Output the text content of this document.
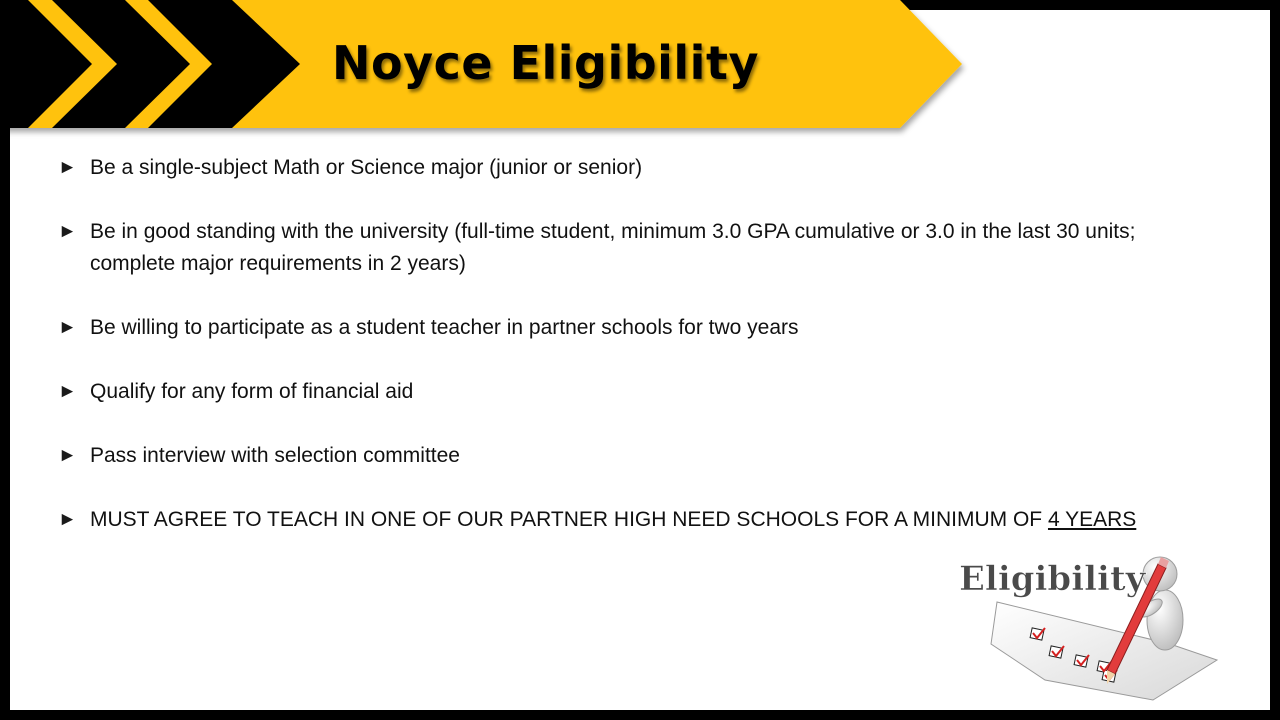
Noyce Eligibility
► Be a single-subject Math or Science major (junior or senior)
► Be in good standing with the university (full-time student, minimum 3.0 GPA cumulative or 3.0 in the last 30 units; complete major requirements in 2 years)
► Be willing to participate as a student teacher in partner schools for two years
► Qualify for any form of financial aid
► Pass interview with selection committee
► MUST AGREE TO TEACH IN ONE OF OUR PARTNER HIGH NEED SCHOOLS FOR A MINIMUM OF 4 YEARS
Eligibility
